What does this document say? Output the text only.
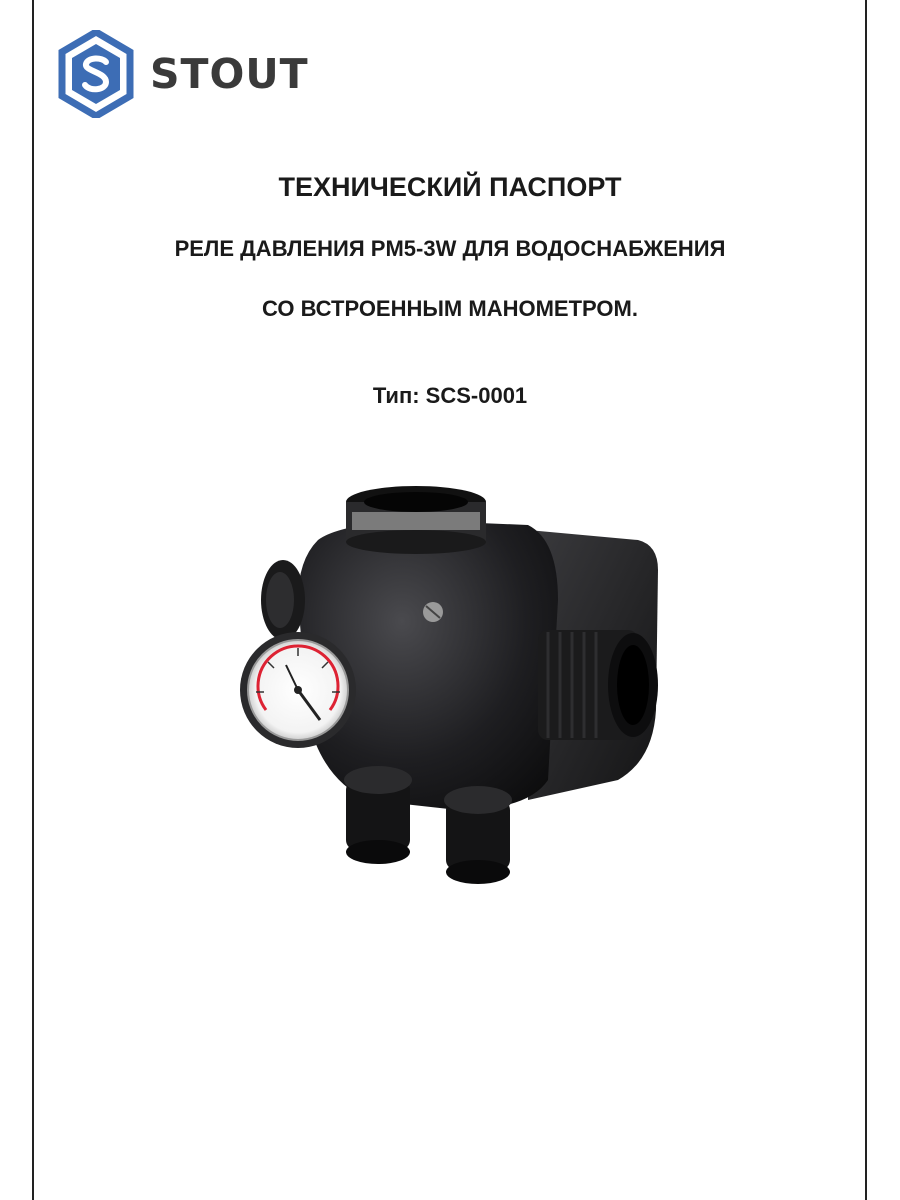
STOUT
ТЕХНИЧЕСКИЙ ПАСПОРТ
РЕЛЕ ДАВЛЕНИЯ PM5-3W ДЛЯ ВОДОСНАБЖЕНИЯ
СО ВСТРОЕННЫМ МАНОМЕТРОМ.
Тип: SCS-0001
